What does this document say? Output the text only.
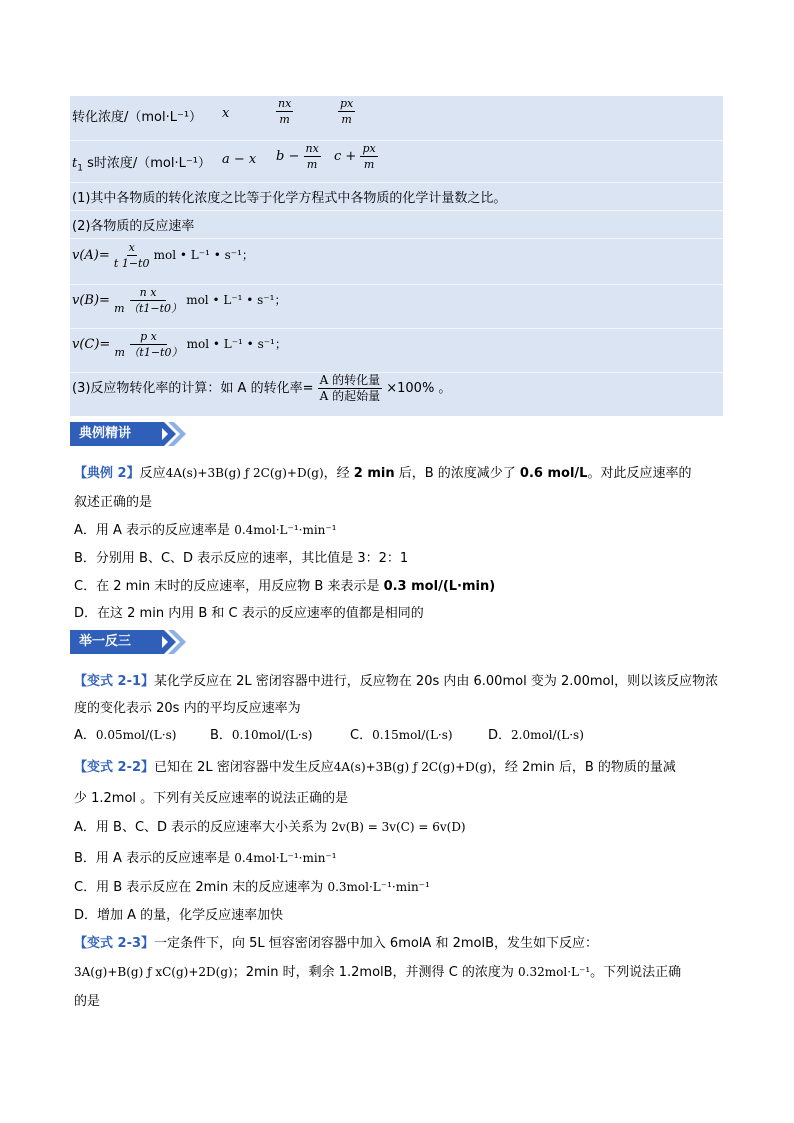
转化浓度/（mol·L⁻¹） x	$\frac{nx}{m}$	$\frac{px}{m}$
$t_1$ s时浓度/（mol·L⁻¹） a − x $b - \frac{nx}{m}$ $c + \frac{px}{m}$
(1)其中各物质的转化浓度之比等于化学方程式中各物质的化学计量数之比。
(2)各物质的反应速率
$v(A)= \frac{x}{t 1-t0}$ mol • L⁻¹ • s⁻¹；
$v(B)= \frac{\text{n x}}{m (t1-t0)}$ mol • L⁻¹ • s⁻¹；
$v(C)= \frac{\text{p x}}{m (t1-t0)}$ mol • L⁻¹ • s⁻¹；
(3)反应物转化率的计算：如 A 的转化率= $\frac{\text{A 的转化量}}{\text{A 的起始量}} \times 100\%$ 。
典例精讲
【典例 2】反应4A(s)+3B(g) ƒ 2C(g)+D(g)，经 2 min 后，B 的浓度减少了 0.6 mol/L。对此反应速率的
叙述正确的是
A．用 A 表示的反应速率是 0.4mol·L⁻¹·min⁻¹
B．分别用 B、C、D 表示反应的速率，其比值是 3：2：1
C．在 2 min 末时的反应速率，用反应物 B 来表示是 0.3 mol/(L·min)
D．在这 2 min 内用 B 和 C 表示的反应速率的值都是相同的
举一反三
【变式 2-1】某化学反应在 2L 密闭容器中进行，反应物在 20s 内由 6.00mol 变为 2.00mol，则以该反应物浓
度的变化表示 20s 内的平均反应速率为
A．0.05mol/(L·s)	B．0.10mol/(L·s)	C．0.15mol/(L·s)	D．2.0mol/(L·s)
【变式 2-2】已知在 2L 密闭容器中发生反应4A(s)+3B(g) ƒ 2C(g)+D(g)，经 2min 后，B 的物质的量减
少 1.2mol 。下列有关反应速率的说法正确的是
A．用 B、C、D 表示的反应速率大小关系为 2v(B) = 3v(C) = 6v(D)
B．用 A 表示的反应速率是 0.4mol·L⁻¹·min⁻¹
C．用 B 表示反应在 2min 末的反应速率为 0.3mol·L⁻¹·min⁻¹
D．增加 A 的量，化学反应速率加快
【变式 2-3】一定条件下，向 5L 恒容密闭容器中加入 6molA 和 2molB，发生如下反应：
3A(g)+B(g) ƒ xC(g)+2D(g)；2min 时，剩余 1.2molB，并测得 C 的浓度为 0.32mol·L⁻¹。下列说法正确
的是
